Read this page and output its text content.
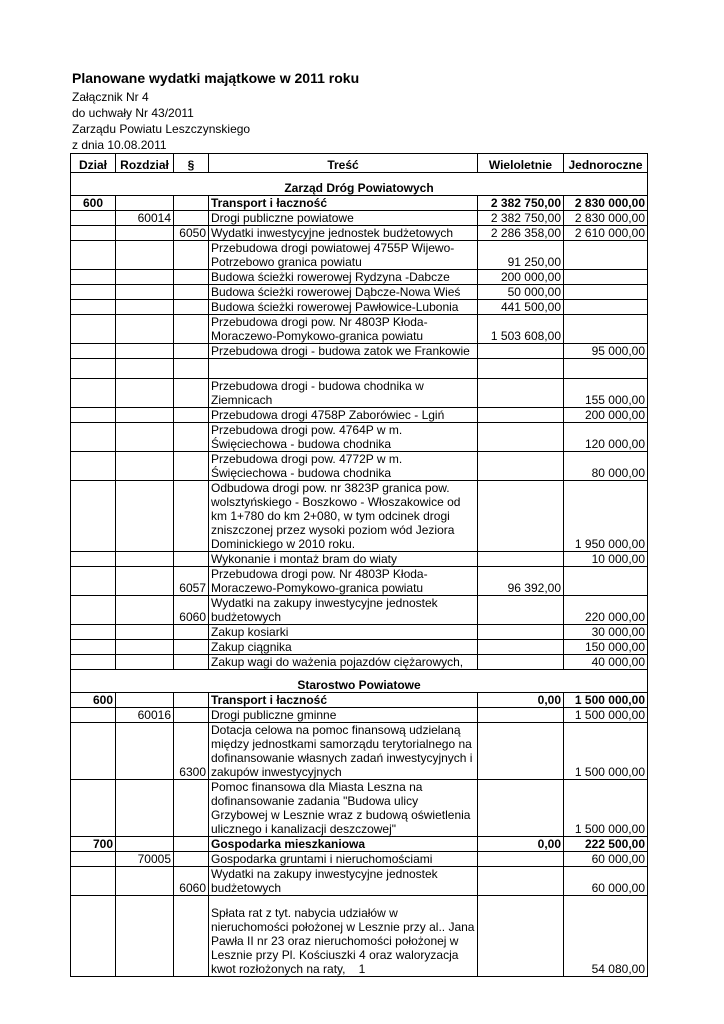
Planowane wydatki majątkowe w 2011 roku
Załącznik Nr 4
do uchwały Nr 43/2011
Zarządu Powiatu Leszczynskiego
z dnia 10.08.2011
Dział	Rozdział	§	Treść	Wieloletnie	Jednoroczne
Zarząd Dróg Powiatowych					
600			Transport i łaczność	2 382 750,00	2 830 000,00
	60014		Drogi publiczne powiatowe	2 382 750,00	2 830 000,00
		6050	Wydatki inwestycyjne jednostek budżetowych	2 286 358,00	2 610 000,00
			Przebudowa drogi powiatowej 4755P Wijewo-Potrzebowo granica powiatu	91 250,00	
			Budowa ścieżki rowerowej Rydzyna -Dabcze	200 000,00	
			Budowa ścieżki rowerowej Dąbcze-Nowa Wieś	50 000,00	
			Budowa ścieżki rowerowej Pawłowice-Lubonia	441 500,00	
			Przebudowa drogi pow. Nr 4803P Kłoda-Moraczewo-Pomykowo-granica powiatu	1 503 608,00	
			Przebudowa drogi - budowa zatok we Frankowie		95 000,00

			Przebudowa drogi - budowa chodnika w Ziemnicach		155 000,00
			Przebudowa drogi 4758P Zaborówiec - Lgiń		200 000,00
			Przebudowa drogi pow. 4764P w m. Święciechowa - budowa chodnika		120 000,00
			Przebudowa drogi pow. 4772P w m. Święciechowa - budowa chodnika		80 000,00
			Odbudowa drogi pow. nr 3823P granica pow. wolsztyńskiego - Boszkowo - Włoszakowice od km 1+780 do km 2+080, w tym odcinek drogi zniszczonej przez wysoki poziom wód Jeziora Dominickiego w 2010 roku.		1 950 000,00
			Wykonanie i montaż bram do wiaty		10 000,00
		6057	Przebudowa drogi pow. Nr 4803P Kłoda-Moraczewo-Pomykowo-granica powiatu	96 392,00	
		6060	Wydatki na zakupy inwestycyjne jednostek budżetowych		220 000,00
			Zakup kosiarki		30 000,00
			Zakup ciągnika		150 000,00
			Zakup wagi do ważenia pojazdów ciężarowych,		40 000,00
Starostwo Powiatowe					
600			Transport i łaczność	0,00	1 500 000,00
	60016		Drogi publiczne gminne		1 500 000,00
		6300	Dotacja celowa na pomoc finansową udzielaną między jednostkami samorządu terytorialnego na dofinansowanie własnych zadań inwestycyjnych i zakupów inwestycyjnych		1 500 000,00
			Pomoc finansowa dla Miasta Leszna na dofinansowanie zadania "Budowa ulicy Grzybowej w Lesznie wraz z budową oświetlenia ulicznego i kanalizacji deszczowej"		1 500 000,00
700			Gospodarka mieszkaniowa	0,00	222 500,00
	70005		Gospodarka gruntami i nieruchomościami		60 000,00
		6060	Wydatki na zakupy inwestycyjne jednostek budżetowych		60 000,00
			Spłata rat z tyt. nabycia udziałów w nieruchomości położonej w Lesznie przy al.. Jana Pawła II nr 23 oraz nieruchomości położonej w Lesznie przy Pl. Kościuszki 4 oraz waloryzacja kwot rozłożonych na raty,		54 080,00
1
